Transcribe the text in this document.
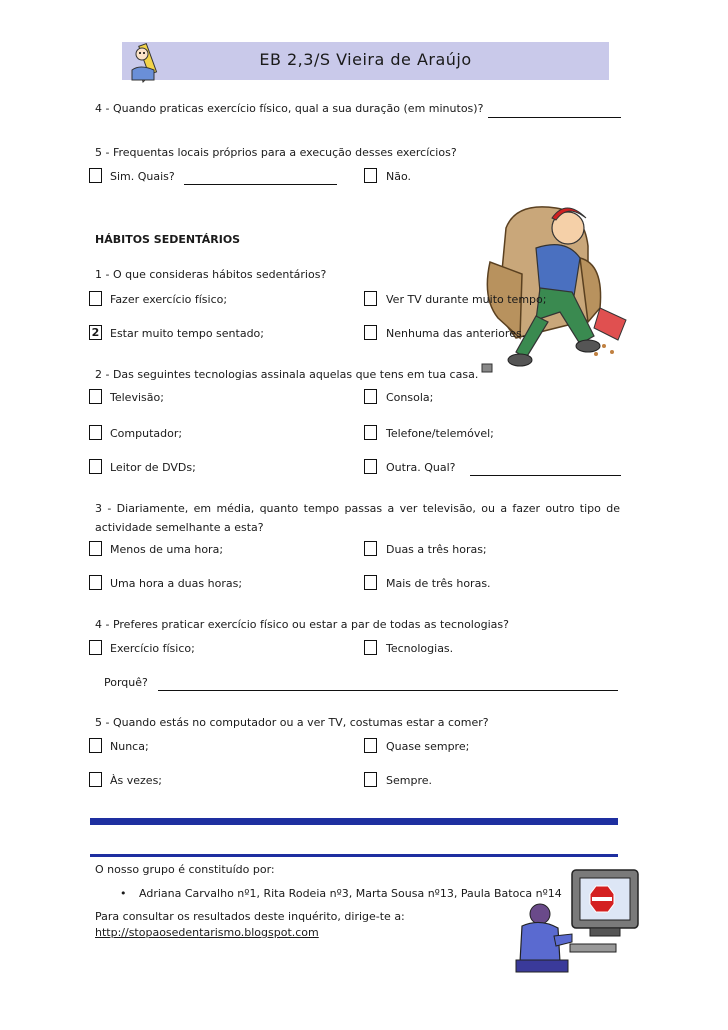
EB 2,3/S Vieira de Araújo
4 - Quando praticas exercício físico, qual a sua duração (em minutos)?
5 - Frequentas locais próprios para a execução desses exercícios?
Sim. Quais?	Não.
HÁBITOS SEDENTÁRIOS
1 - O que consideras hábitos sedentários?
Fazer exercício físico;	Ver TV durante muito tempo;
2 Estar muito tempo sentado;	Nenhuma das anteriores.
2 - Das seguintes tecnologias assinala aquelas que tens em tua casa.
Televisão;	Consola;
Computador;	Telefone/telemóvel;
Leitor de DVDs;	Outra. Qual?
3 - Diariamente, em média, quanto tempo passas a ver televisão, ou a fazer outro tipo de actividade semelhante a esta?
Menos de uma hora;	Duas a três horas;
Uma hora a duas horas;	Mais de três horas.
4 - Preferes praticar exercício físico ou estar a par de todas as tecnologias?
Exercício físico;	Tecnologias.
Porquê?
5 - Quando estás no computador ou a ver TV, costumas estar a comer?
Nunca;	Quase sempre;
Às vezes;	Sempre.
O nosso grupo é constituído por:
• Adriana Carvalho nº1, Rita Rodeia nº3, Marta Sousa nº13, Paula Batoca nº14
Para consultar os resultados deste inquérito, dirige-te a:
http://stopaosedentarismo.blogspot.com
